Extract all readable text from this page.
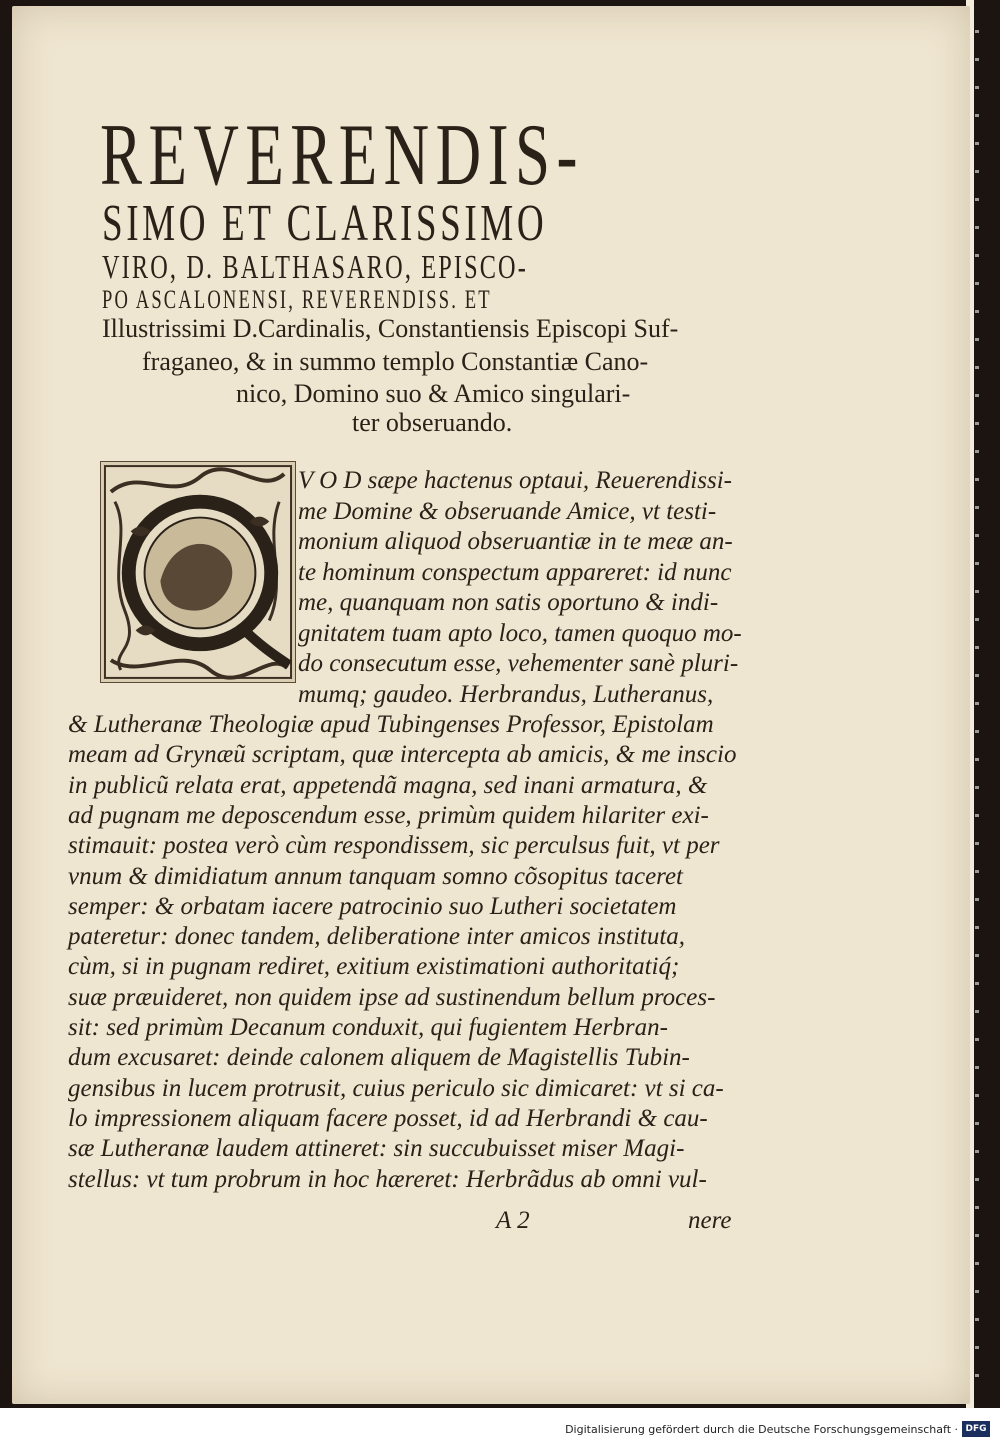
REVERENDIS-
SIMO ET CLARISSIMO
VIRO, D. BALTHASARO, EPISCO-
PO ASCALONENSI, REVERENDISS. ET
Illustrissimi D.Cardinalis, Constantiensis Episcopi Suf-
fraganeo, & in summo templo Constantiæ Cano-
nico, Domino suo & Amico singulari-
ter obseruando.
V O D sæpe hactenus optaui, Reuerendissi-
me Domine & obseruande Amice, vt testi-
monium aliquod obseruantiæ in te meæ an-
te hominum conspectum appareret: id nunc
me, quanquam non satis oportuno & indi-
gnitatem tuam apto loco, tamen quoquo mo-
do consecutum esse, vehementer sanè pluri-
mumq; gaudeo. Herbrandus, Lutheranus,
& Lutheranæ Theologiæ apud Tubingenses Professor, Epistolam
meam ad Grynæũ scriptam, quæ intercepta ab amicis, & me inscio
in publicũ relata erat, appetendã magna, sed inani armatura, &
ad pugnam me deposcendum esse, primùm quidem hilariter exi-
stimauit: postea verò cùm respondissem, sic perculsus fuit, vt per
vnum & dimidiatum annum tanquam somno cõsopitus taceret
semper: & orbatam iacere patrocinio suo Lutheri societatem
pateretur: donec tandem, deliberatione inter amicos instituta,
cùm, si in pugnam rediret, exitium existimationi authoritatiq́;
suæ præuideret, non quidem ipse ad sustinendum bellum proces-
sit: sed primùm Decanum conduxit, qui fugientem Herbran-
dum excusaret: deinde calonem aliquem de Magistellis Tubin-
gensibus in lucem protrusit, cuius periculo sic dimicaret: vt si ca-
lo impressionem aliquam facere posset, id ad Herbrandi & cau-
sæ Lutheranæ laudem attineret: sin succubuisset miser Magi-
stellus: vt tum probrum in hoc hæreret: Herbrãdus ab omni vul-
A 2	nere
Digitalisierung gefördert durch die Deutsche Forschungsgemeinschaft · DFG
